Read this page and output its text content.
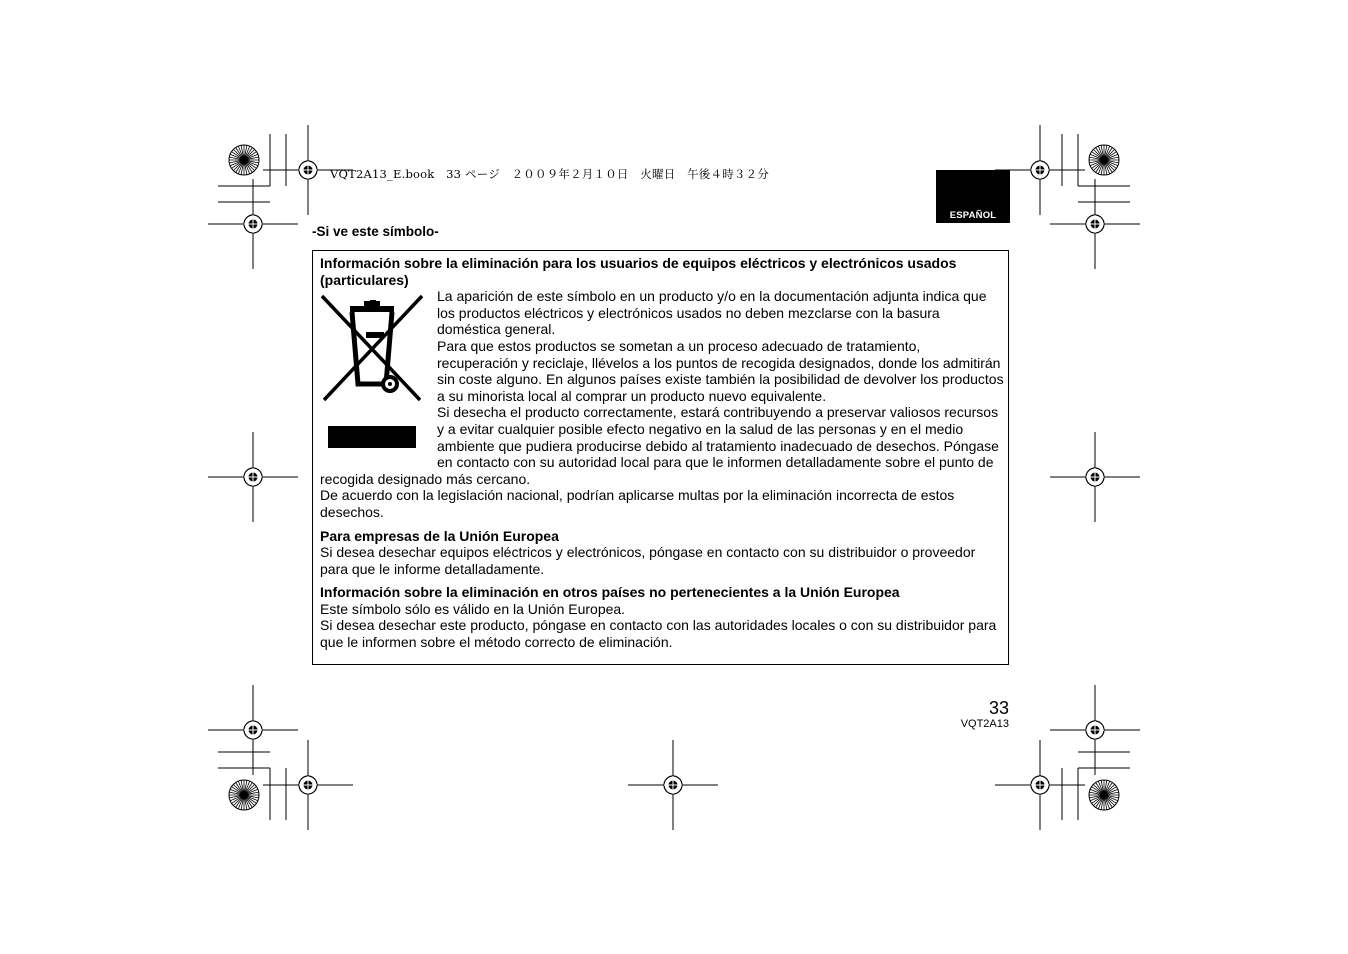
VQT2A13_E.book　33 ページ　２００９年２月１０日　火曜日　午後４時３２分
ESPAÑOL
-Si ve este símbolo-

Información sobre la eliminación para los usuarios de equipos eléctricos y electrónicos usados (particulares)

La aparición de este símbolo en un producto y/o en la documentación adjunta indica que los productos eléctricos y electrónicos usados no deben mezclarse con la basura doméstica general.

Para que estos productos se sometan a un proceso adecuado de tratamiento, recuperación y reciclaje, llévelos a los puntos de recogida designados, donde los admitirán sin coste alguno. En algunos países existe también la posibilidad de devolver los productos a su minorista local al comprar un producto nuevo equivalente.

Si desecha el producto correctamente, estará contribuyendo a preservar valiosos recursos y a evitar cualquier posible efecto negativo en la salud de las personas y en el medio ambiente que pudiera producirse debido al tratamiento inadecuado de desechos. Póngase en contacto con su autoridad local para que le informen detalladamente sobre el punto de recogida designado más cercano.

De acuerdo con la legislación nacional, podrían aplicarse multas por la eliminación incorrecta de estos desechos.

Para empresas de la Unión Europea

Si desea desechar equipos eléctricos y electrónicos, póngase en contacto con su distribuidor o proveedor para que le informe detalladamente.

Información sobre la eliminación en otros países no pertenecientes a la Unión Europea

Este símbolo sólo es válido en la Unión Europea.

Si desea desechar este producto, póngase en contacto con las autoridades locales o con su distribuidor para que le informen sobre el método correcto de eliminación.

33
VQT2A13
